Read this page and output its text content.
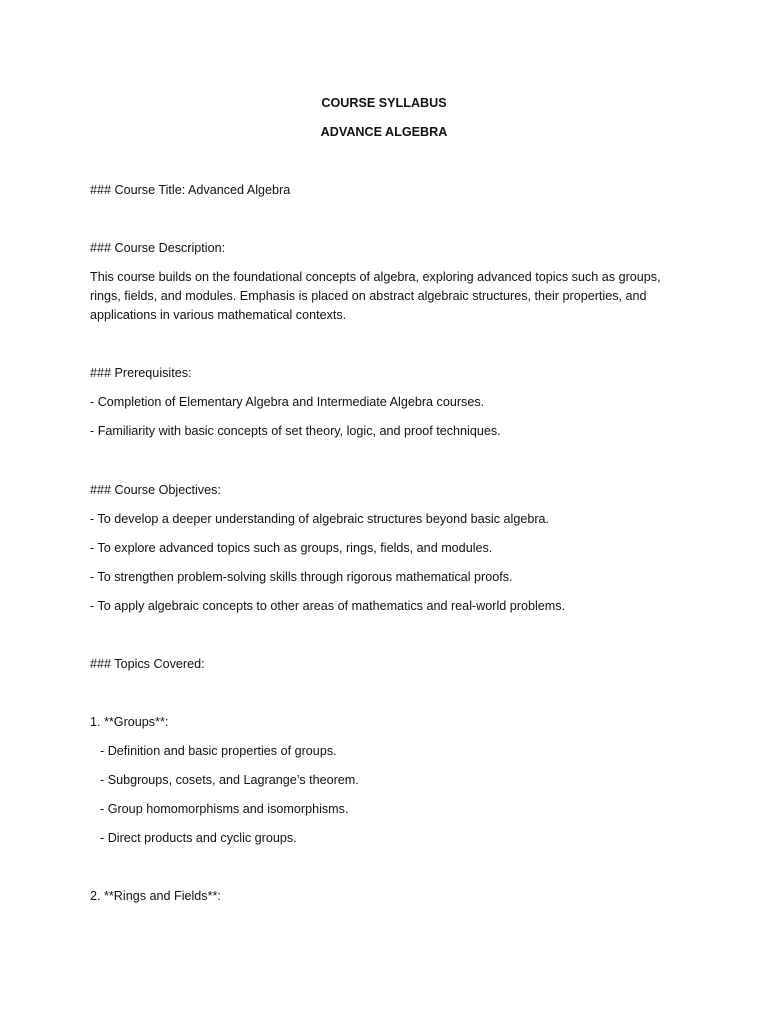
COURSE SYLLABUS
ADVANCE ALGEBRA
### Course Title: Advanced Algebra
### Course Description:
This course builds on the foundational concepts of algebra, exploring advanced topics such as groups,
rings, fields, and modules. Emphasis is placed on abstract algebraic structures, their properties, and
applications in various mathematical contexts.
### Prerequisites:
- Completion of Elementary Algebra and Intermediate Algebra courses.
- Familiarity with basic concepts of set theory, logic, and proof techniques.
### Course Objectives:
- To develop a deeper understanding of algebraic structures beyond basic algebra.
- To explore advanced topics such as groups, rings, fields, and modules.
- To strengthen problem-solving skills through rigorous mathematical proofs.
- To apply algebraic concepts to other areas of mathematics and real-world problems.
### Topics Covered:
1. **Groups**:
- Definition and basic properties of groups.
- Subgroups, cosets, and Lagrange’s theorem.
- Group homomorphisms and isomorphisms.
- Direct products and cyclic groups.
2. **Rings and Fields**:
